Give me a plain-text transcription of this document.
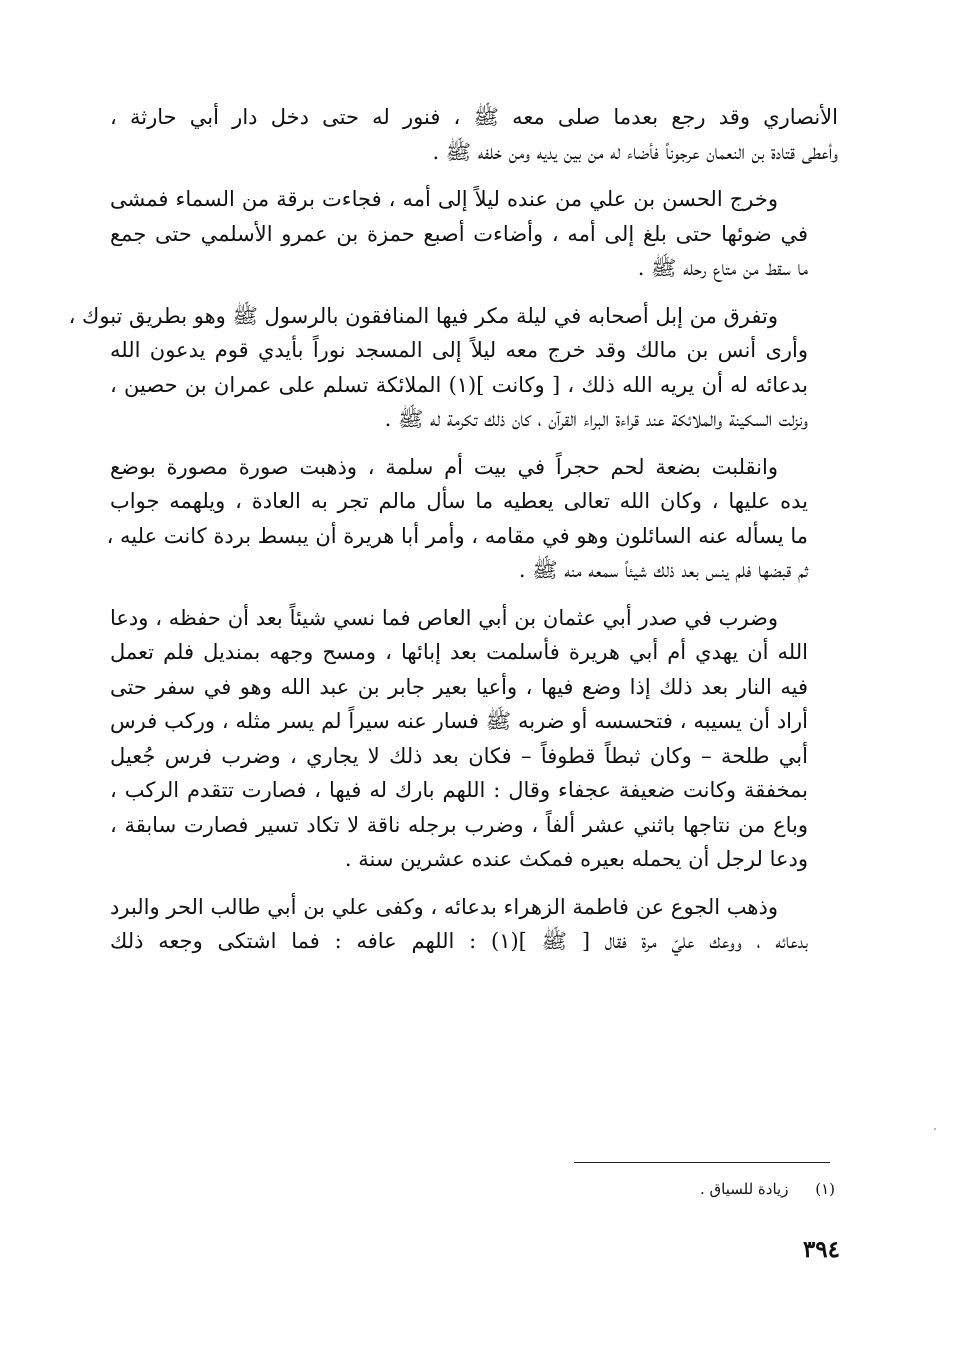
الأنصاري وقد رجع بعدما صلى معه ﷺ ، فنور له حتى دخل دار أبي حارثة ،
وأعطى قتادة بن النعمان عرجوناً فأضاء له من بين يديه ومن خلفه ﷺ .

وخرج الحسن بن علي من عنده ليلاً إلى أمه ، فجاءت برقة من السماء فمشى
في ضوئها حتى بلغ إلى أمه ، وأضاءت أصبع حمزة بن عمرو الأسلمي حتى جمع
ما سقط من متاع رحله ﷺ .

وتفرق من إبل أصحابه في ليلة مكر فيها المنافقون بالرسول ﷺ وهو بطريق تبوك ،
وأرى أنس بن مالك وقد خرج معه ليلاً إلى المسجد نوراً بأيدي قوم يدعون الله
بدعائه له أن يريه الله ذلك ، [ وكانت ](١) الملائكة تسلم على عمران بن حصين ،
ونزلت السكينة والملائكة عند قراءة البراء القرآن ، كان ذلك تكرمة له ﷺ .

وانقلبت بضعة لحم حجراً في بيت أم سلمة ، وذهبت صورة مصورة بوضع
يده عليها ، وكان الله تعالى يعطيه ما سأل مالم تجر به العادة ، ويلهمه جواب
ما يسأله عنه السائلون وهو في مقامه ، وأمر أبا هريرة أن يبسط بردة كانت عليه ،
ثم قبضها فلم ينس بعد ذلك شيئاً سمعه منه ﷺ .

وضرب في صدر أبي عثمان بن أبي العاص فما نسي شيئاً بعد أن حفظه ، ودعا
الله أن يهدي أم أبي هريرة فأسلمت بعد إبائها ، ومسح وجهه بمنديل فلم تعمل
فيه النار بعد ذلك إذا وضع فيها ، وأعيا بعير جابر بن عبد الله وهو في سفر حتى
أراد أن يسيبه ، فتحسسه أو ضربه ﷺ فسار عنه سيراً لم يسر مثله ، وركب فرس
أبي طلحة – وكان ثبطاً قطوفاً – فكان بعد ذلك لا يجاري ، وضرب فرس جُعيل
بمخفقة وكانت ضعيفة عجفاء وقال : اللهم بارك له فيها ، فصارت تتقدم الركب ،
وباع من نتاجها باثني عشر ألفاً ، وضرب برجله ناقة لا تكاد تسير فصارت سابقة ،
ودعا لرجل أن يحمله بعيره فمكث عنده عشرين سنة .

وذهب الجوع عن فاطمة الزهراء بدعائه ، وكفى علي بن أبي طالب الحر والبرد
بدعائه ، ووعك عليّ مرة فقال [ ﷺ ](١) : اللهم عافه : فما اشتكى وجعه ذلك

(١) زيادة للسياق .
٣٩٤
